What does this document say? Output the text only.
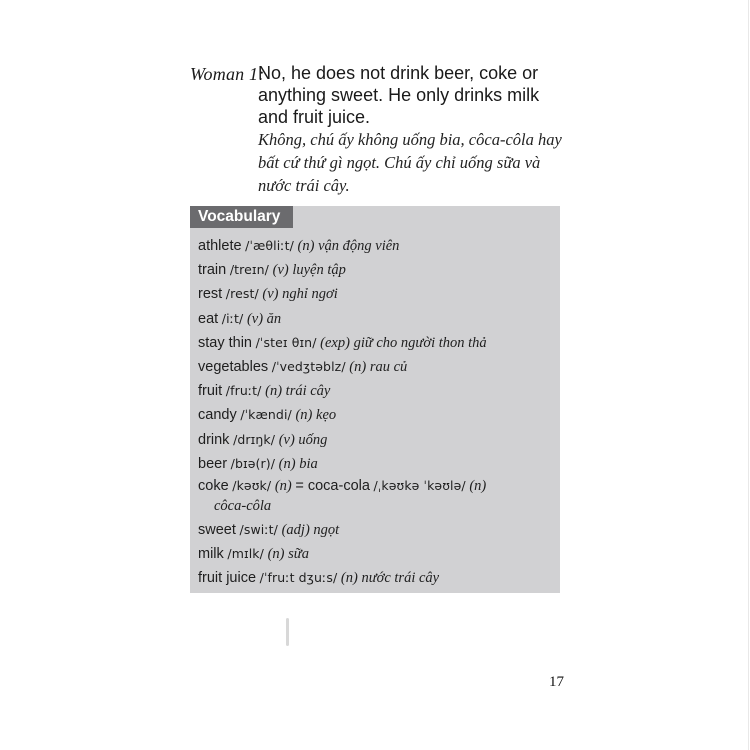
Woman 1:
No, he does not drink beer, coke or anything sweet. He only drinks milk and fruit juice.
Không, chú ấy không uống bia, côca-côla hay bất cứ thứ gì ngọt. Chú ấy chỉ uống sữa và nước trái cây.
Vocabulary
athlete /ˈæθliːt/ (n) vận động viên
train /treɪn/ (v) luyện tập
rest /rest/ (v) nghỉ ngơi
eat /iːt/ (v) ăn
stay thin /ˈsteɪ θɪn/ (exp) giữ cho người thon thả
vegetables /ˈvedʒtəblz/ (n) rau củ
fruit /fruːt/ (n) trái cây
candy /ˈkændi/ (n) kẹo
drink /drɪŋk/ (v) uống
beer /bɪə(r)/ (n) bia
coke /kəʊk/ (n) = coca-cola /ˌkəʊkə ˈkəʊlə/ (n)
côca-côla
sweet /swiːt/ (adj) ngọt
milk /mɪlk/ (n) sữa
fruit juice /ˈfruːt dʒuːs/ (n) nước trái cây
17
